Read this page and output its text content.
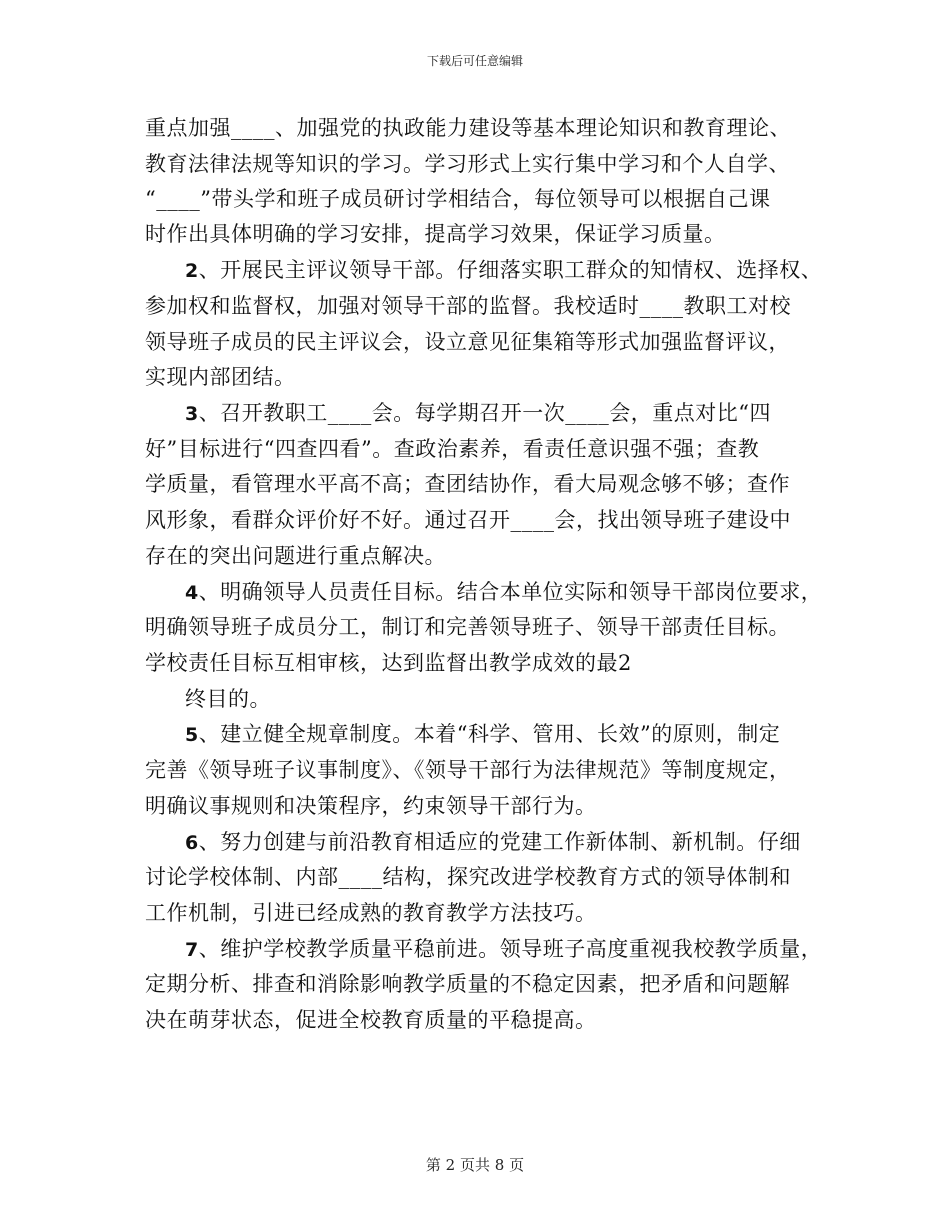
下载后可任意编辑
重点加强____、加强党的执政能力建设等基本理论知识和教育理论、
教育法律法规等知识的学习。学习形式上实行集中学习和个人自学、
“____”带头学和班子成员研讨学相结合，每位领导可以根据自己课
时作出具体明确的学习安排，提高学习效果，保证学习质量。
2、开展民主评议领导干部。仔细落实职工群众的知情权、选择权、
参加权和监督权，加强对领导干部的监督。我校适时____教职工对校
领导班子成员的民主评议会，设立意见征集箱等形式加强监督评议，
实现内部团结。
3、召开教职工____会。每学期召开一次____会，重点对比“四
好”目标进行“四查四看”。查政治素养，看责任意识强不强；查教
学质量，看管理水平高不高；查团结协作，看大局观念够不够；查作
风形象，看群众评价好不好。通过召开____会，找出领导班子建设中
存在的突出问题进行重点解决。
4、明确领导人员责任目标。结合本单位实际和领导干部岗位要求，
明确领导班子成员分工，制订和完善领导班子、领导干部责任目标。
学校责任目标互相审核，达到监督出教学成效的最2
终目的。
5、建立健全规章制度。本着“科学、管用、长效”的原则，制定
完善《领导班子议事制度》、《领导干部行为法律规范》等制度规定，
明确议事规则和决策程序，约束领导干部行为。
6、努力创建与前沿教育相适应的党建工作新体制、新机制。仔细
讨论学校体制、内部____结构，探究改进学校教育方式的领导体制和
工作机制，引进已经成熟的教育教学方法技巧。
7、维护学校教学质量平稳前进。领导班子高度重视我校教学质量，
定期分析、排查和消除影响教学质量的不稳定因素，把矛盾和问题解
决在萌芽状态，促进全校教育质量的平稳提高。
第 2 页共 8 页
